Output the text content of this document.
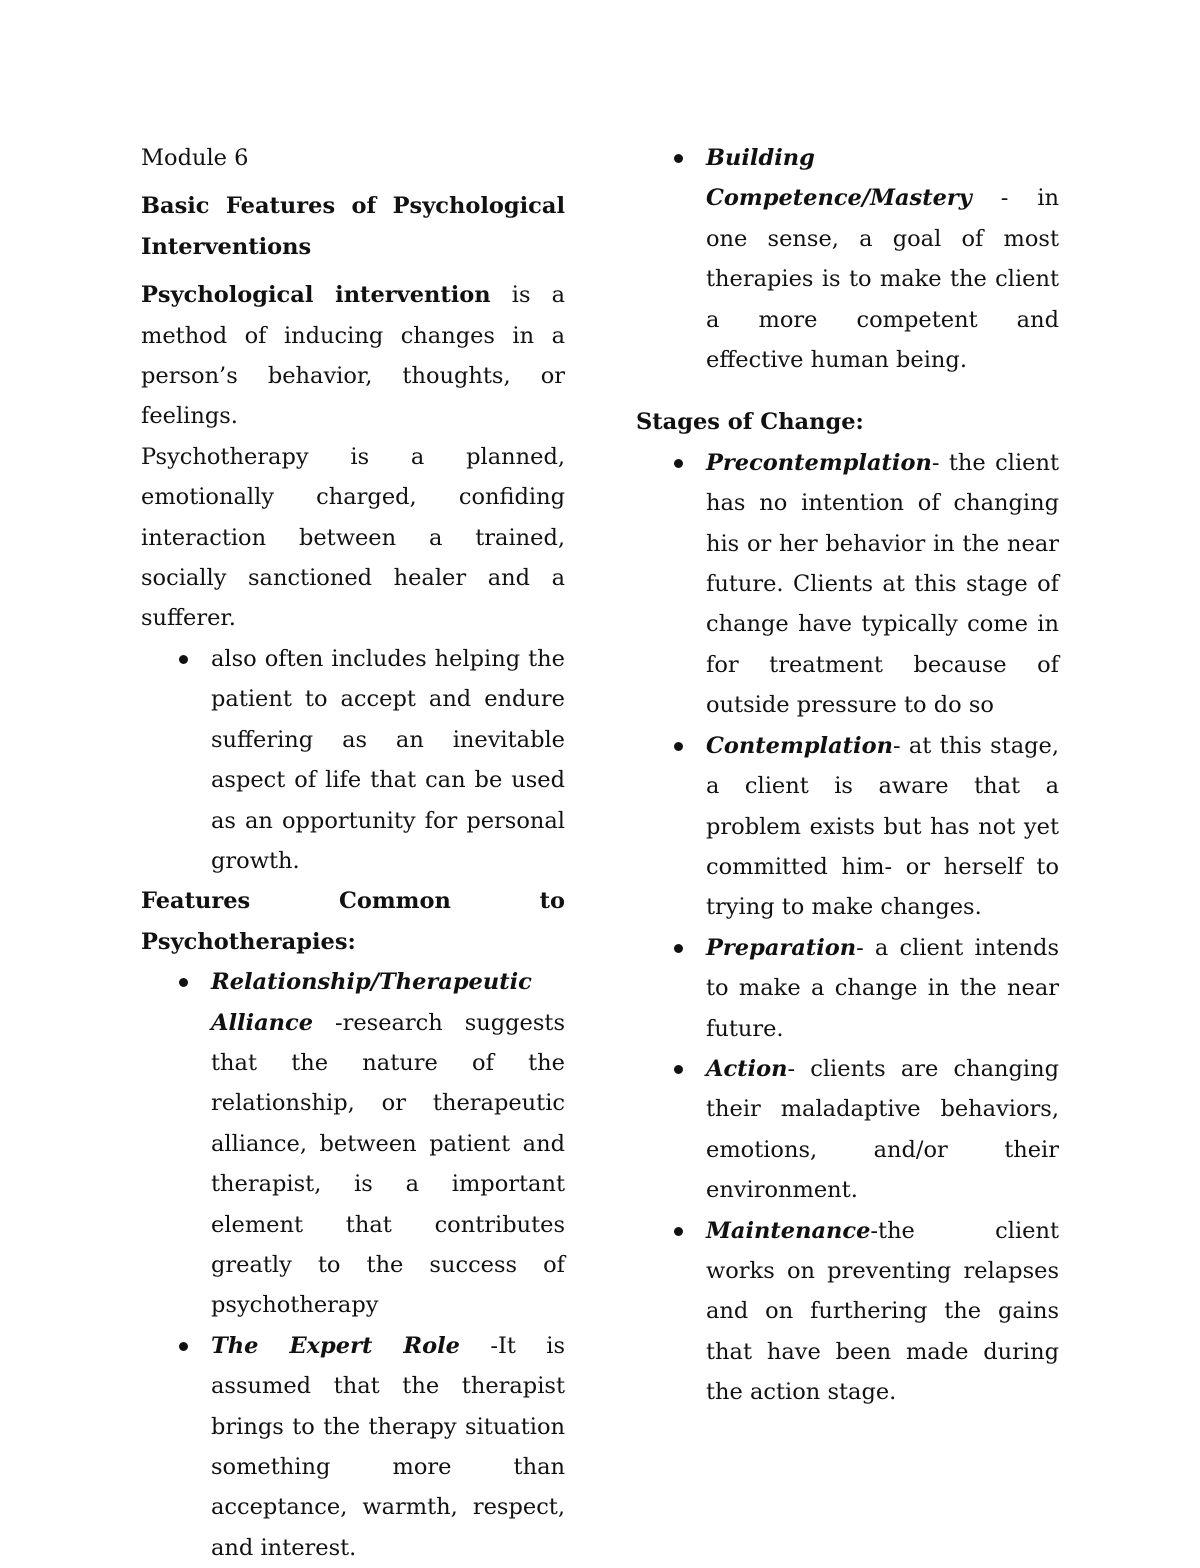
Module 6

Basic Features of Psychological Interventions

Psychological intervention is a method of inducing changes in a person’s behavior, thoughts, or feelings.

Psychotherapy is a planned, emotionally charged, confiding interaction between a trained, socially sanctioned healer and a sufferer.

also often includes helping the patient to accept and endure suffering as an inevitable aspect of life that can be used as an opportunity for personal growth.
Features	Common	to
Psychotherapies:
Relationship/Therapeutic Alliance -research suggests that the nature of the relationship, or therapeutic alliance, between patient and therapist, is a important element that contributes greatly to the success of psychotherapy
The Expert Role -It is assumed that the therapist brings to the therapy situation something more than acceptance, warmth, respect, and interest.
Building Competence/Mastery - in one sense, a goal of most therapies is to make the client a more competent and effective human being.

Stages of Change:

Precontemplation- the client has no intention of changing his or her behavior in the near future. Clients at this stage of change have typically come in for treatment because of outside pressure to do so
Contemplation- at this stage, a client is aware that a problem exists but has not yet committed him- or herself to trying to make changes.
Preparation- a client intends to make a change in the near future.
Action- clients are changing their maladaptive behaviors, emotions, and/or their environment.
Maintenance-the client works on preventing relapses and on furthering the gains that have been made during the action stage.
